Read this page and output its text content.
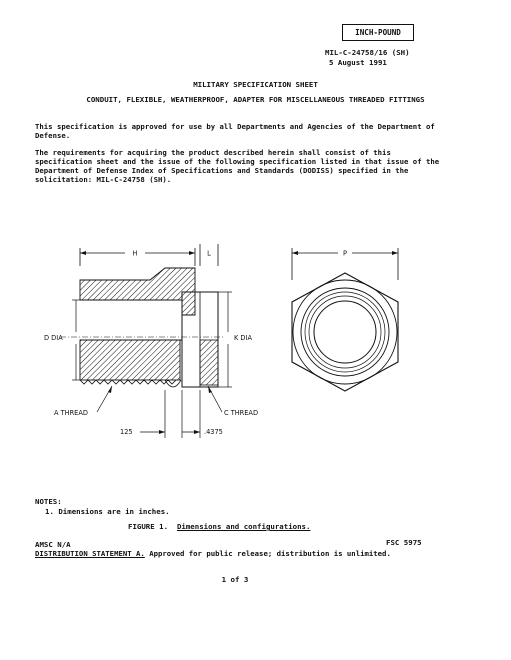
INCH-POUND
MIL-C-24758/16 (SH)
5 August 1991
MILITARY SPECIFICATION SHEET
CONDUIT, FLEXIBLE, WEATHERPROOF, ADAPTER FOR MISCELLANEOUS THREADED FITTINGS
This specification is approved for use by all Departments and Agencies of the Department of Defense.
The requirements for acquiring the product described herein shall consist of this specification sheet and the issue of the following specification listed in that issue of the Department of Defense Index of Specifications and Standards (DODISS) specified in the solicitation: MIL-C-24758 (SH).
H	L
D DIA	K DIA
A THREAD	C THREAD
125	.4375
P
NOTES:
1. Dimensions are in inches.
FIGURE 1. Dimensions and configurations.
AMSC N/A	FSC 5975
DISTRIBUTION STATEMENT A. Approved for public release; distribution is unlimited.
1 of 3
